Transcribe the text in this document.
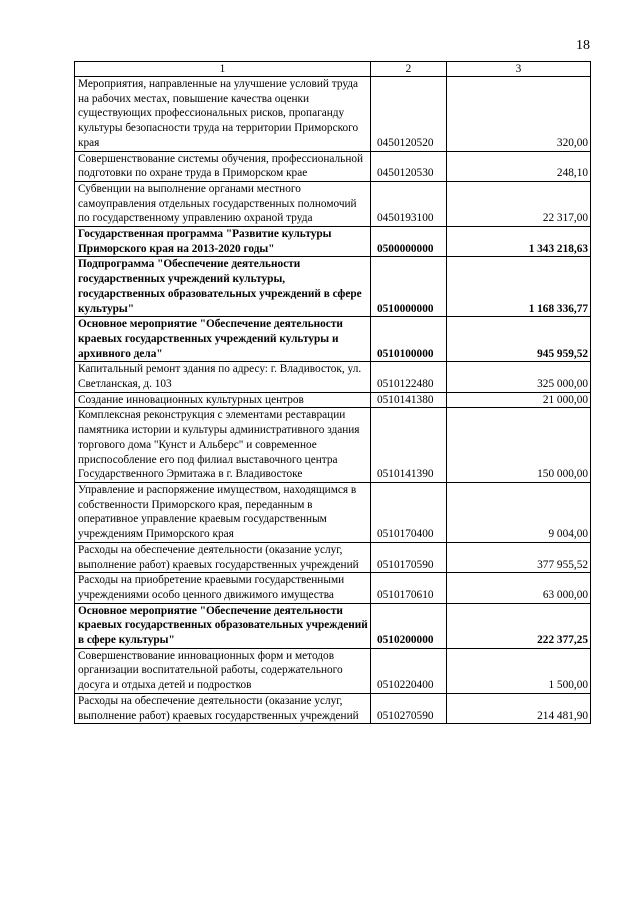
18
1	2	3
Мероприятия, направленные на улучшение условий труда на рабочих местах, повышение качества оценки существующих профессиональных рисков, пропаганду культуры безопасности труда на территории Приморского края	0450120520	320,00
Совершенствование системы обучения, профессиональной подготовки по охране труда в Приморском крае	0450120530	248,10
Субвенции на выполнение органами местного самоуправления отдельных государственных полномочий по государственному управлению охраной труда	0450193100	22 317,00
Государственная программа "Развитие культуры Приморского края на 2013-2020 годы"	0500000000	1 343 218,63
Подпрограмма "Обеспечение деятельности государственных учреждений культуры, государственных образовательных учреждений в сфере культуры"	0510000000	1 168 336,77
Основное мероприятие "Обеспечение деятельности краевых государственных учреждений культуры и архивного дела"	0510100000	945 959,52
Капитальный ремонт здания по адресу: г. Владивосток, ул. Светланская, д. 103	0510122480	325 000,00
Создание инновационных культурных центров	0510141380	21 000,00
Комплексная реконструкция с элементами реставрации памятника истории и культуры административного здания торгового дома "Кунст и Альберс" и современное приспособление его под филиал выставочного центра Государственного Эрмитажа в г. Владивостоке	0510141390	150 000,00
Управление и распоряжение имуществом, находящимся в собственности Приморского края, переданным в оперативное управление краевым государственным учреждениям Приморского края	0510170400	9 004,00
Расходы на обеспечение деятельности (оказание услуг, выполнение работ) краевых государственных учреждений	0510170590	377 955,52
Расходы на приобретение краевыми государственными учреждениями особо ценного движимого имущества	0510170610	63 000,00
Основное мероприятие "Обеспечение деятельности краевых государственных образовательных учреждений в сфере культуры"	0510200000	222 377,25
Совершенствование инновационных форм и методов организации воспитательной работы, содержательного досуга и отдыха детей и подростков	0510220400	1 500,00
Расходы на обеспечение деятельности (оказание услуг, выполнение работ) краевых государственных учреждений	0510270590	214 481,90
